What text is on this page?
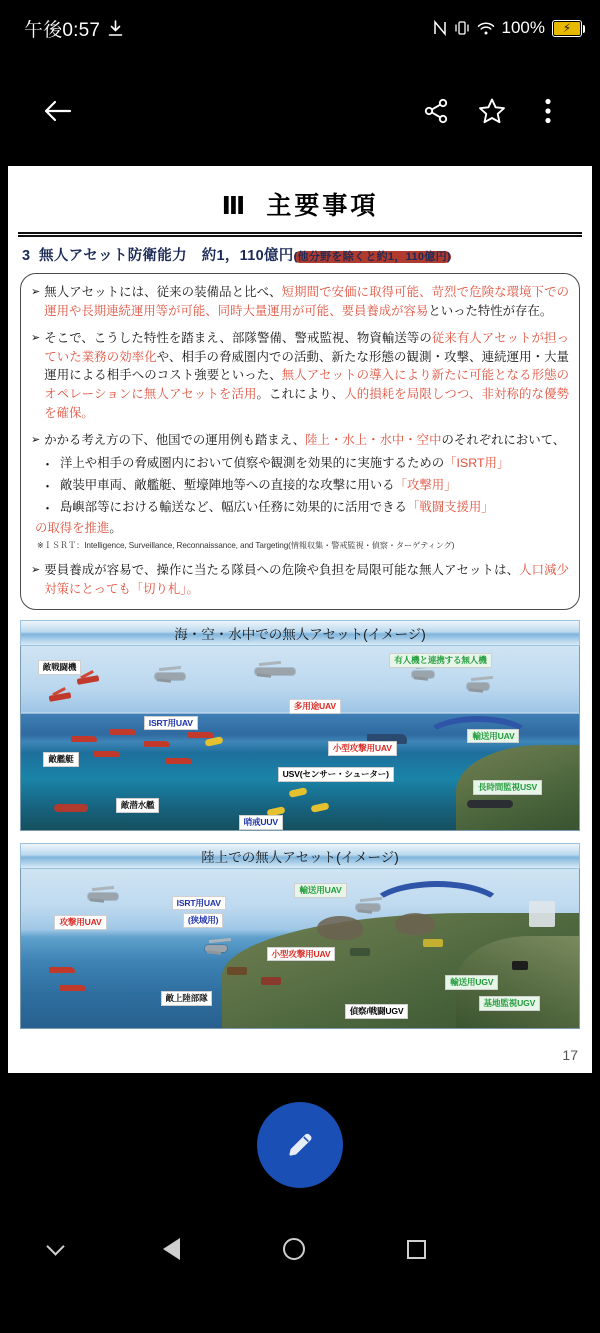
午後0:57	100% ⚡
Ⅲ 主要事項
3 無人アセット防衛能力　約1，110億円(他分野を除くと約1，110億円)
➢ 無人アセットには、従来の装備品と比べ、短期間で安価に取得可能、苛烈で危険な環境下での運用や長期連続運用等が可能、同時大量運用が可能、要員養成が容易といった特性が存在。
➢ そこで、こうした特性を踏まえ、部隊警備、警戒監視、物資輸送等の従来有人アセットが担っていた業務の効率化や、相手の脅威圏内での活動、新たな形態の観測・攻撃、連続運用・大量運用による相手へのコスト強要といった、無人アセットの導入により新たに可能となる形態のオペレーションに無人アセットを活用。これにより、人的損耗を局限しつつ、非対称的な優勢を確保。
➢ かかる考え方の下、他国での運用例も踏まえ、陸上・水上・水中・空中のそれぞれにおいて、
・ 洋上や相手の脅威圏内において偵察や観測を効果的に実施するための「ISRT用」
・ 敵装甲車両、敵艦艇、塹壕陣地等への直接的な攻撃に用いる「攻撃用」
・ 島嶼部等における輸送など、幅広い任務に効果的に活用できる「戦闘支援用」
の取得を推進。
※ＩＳＲＴ：Intelligence, Surveillance, Reconnaissance, and Targeting(情報収集・警戒監視・偵察・ターゲティング)
➢ 要員養成が容易で、操作に当たる隊員への危険や負担を局限可能な無人アセットは、人口減少対策にとっても「切り札」。
海・空・水中での無人アセット(イメージ)
敵戦闘機
ISRT用UAV
多用途UAV
小型攻撃用UAV
有人機と連携する無人機
輸送用UAV
敵艦艇
USV(センサー・シューター)
長時間監視USV
敵潜水艦
哨戒UUV
陸上での無人アセット(イメージ)
攻撃用UAV
ISRT用UAV
(狭域用)
輸送用UAV
小型攻撃用UAV
敵上陸部隊
偵察/戦闘UGV
輸送用UGV
基地監視UGV
17
